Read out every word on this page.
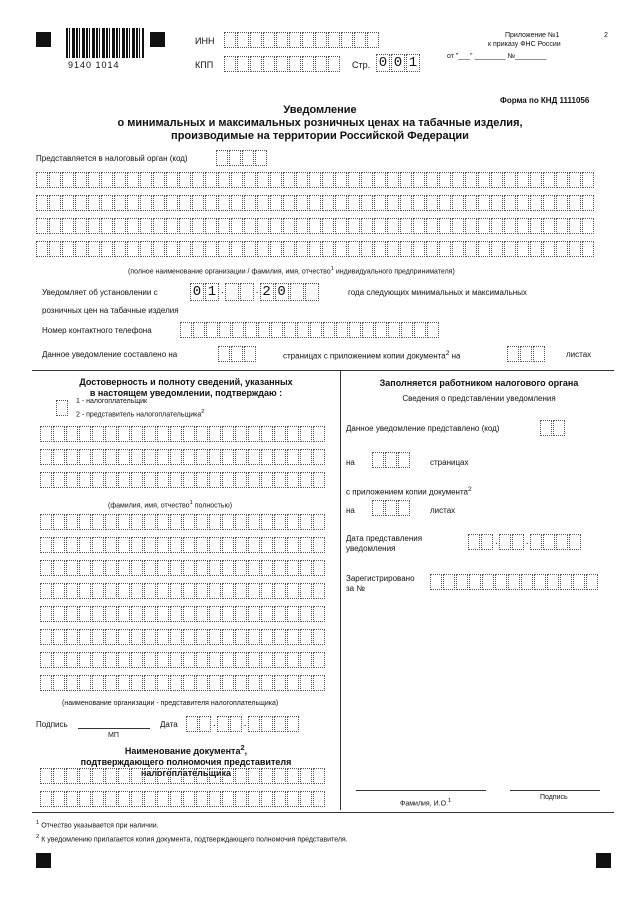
9140 1014
ИНН
КПП	Стр. 0 0 1
Приложение №1
к приказу ФНС России
от "___" ________ №________
2
Форма по КНД 1111056
Уведомление
о минимальных и максимальных розничных ценах на табачные изделия,
производимые на территории Российской Федерации
Представляется в налоговый орган (код)
(полное наименование организации / фамилия, имя, отчество$^1$ индивидуального предпринимателя)
Уведомляет об установлении с	0 1 .	. 2 0	года следующих минимальных и максимальных
розничных цен на табачные изделия
Номер контактного телефона
Данное уведомление составлено на	страницах с приложением копии документа$^2$ на	листах
Достоверность и полноту сведений, указанных
в настоящем уведомлении, подтверждаю :
1 - налогоплательщик
2 - представитель налогоплательщика$^2$
(фамилия, имя, отчество$^1$ полностью)
(наименование организации - представителя налогоплательщика)
Подпись
МП
Дата	.	.
Наименование документа$^2$,
подтверждающего полномочия представителя налогоплательщика
Заполняется работником налогового органа
Сведения о представлении уведомления
Данное уведомление представлено (код)
на	страницах
с приложением копии документа$^2$
на	листах
Дата представления
уведомления
.	.
Зарегистрировано
за №
Фамилия, И.О.$^1$	Подпись
$^1$ Отчество указывается при наличии.
$^2$ К уведомлению прилагается копия документа, подтверждающего полномочия представителя.
